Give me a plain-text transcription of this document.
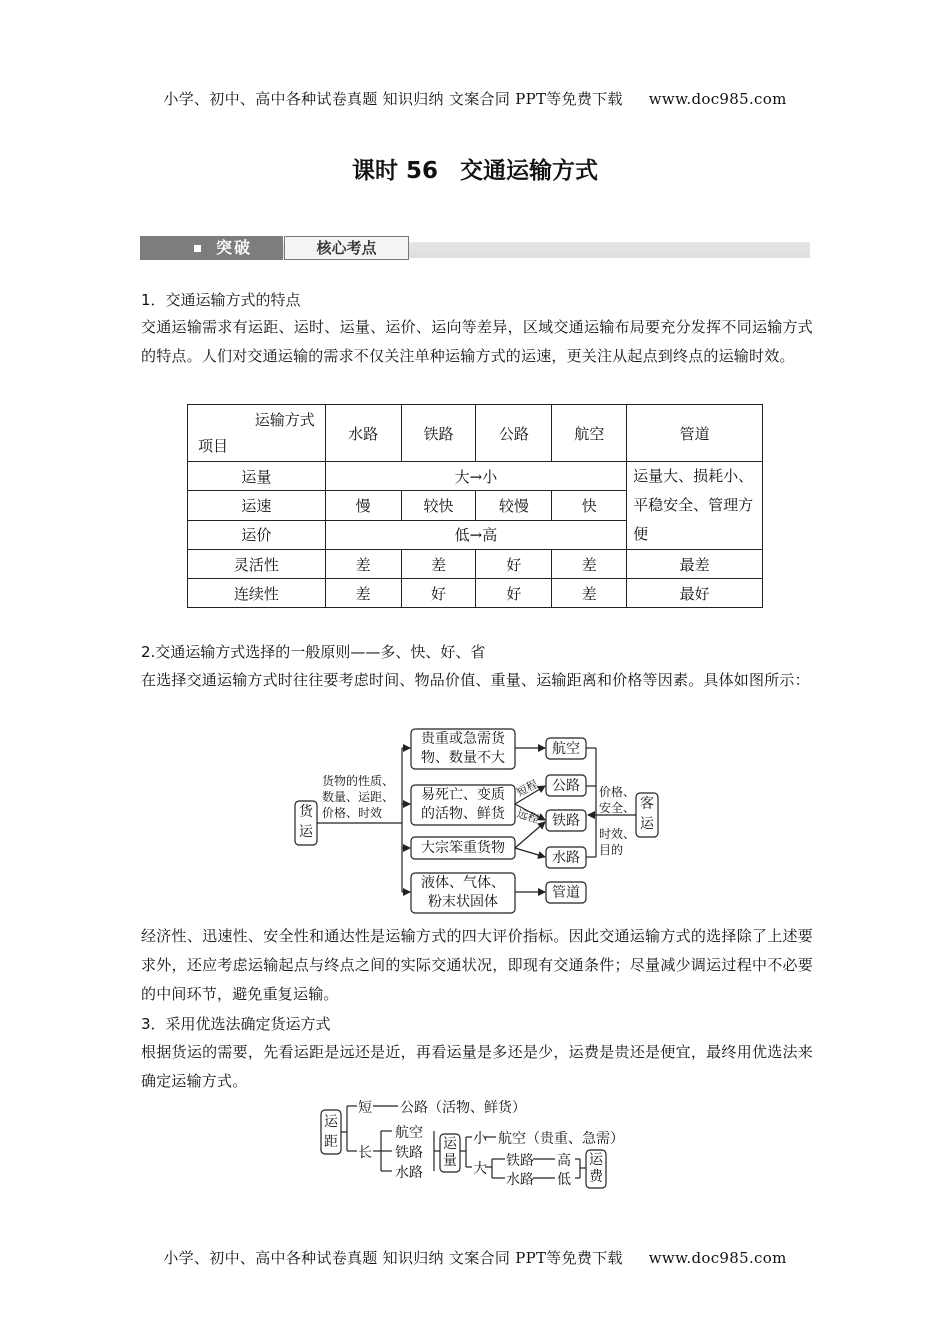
小学、初中、高中各种试卷真题 知识归纳 文案合同 PPT等免费下载 www.doc985.com
课时 56 交通运输方式
突破	核心考点
1．交通运输方式的特点
交通运输需求有运距、运时、运量、运价、运向等差异，区域交通运输布局要充分发挥不同运输方式的特点。人们对交通运输的需求不仅关注单种运输方式的运速，更关注从起点到终点的运输时效。
运输方式
项目	水路	铁路	公路	航空	管道
运量	大→小				运量大、损耗小、平稳安全、管理方便
运速	慢	较快	较慢	快	
运价	低→高				
灵活性	差	差	好	差	最差
连续性	差	好	好	差	最好
2.交通运输方式选择的一般原则——多、快、好、省
在选择交通运输方式时往往要考虑时间、物品价值、重量、运输距离和价格等因素。具体如图所示：
货运
货物的性质、
数量、运距、
价格、时效
贵重或急需货
物、数量不大
易死亡、变质
的活物、鲜货
大宗笨重货物
液体、气体、
粉末状固体
航空
公路
铁路
水路
管道
短程
远程
价格、
安全、
时效、
目的
客运
经济性、迅速性、安全性和通达性是运输方式的四大评价指标。因此交通运输方式的选择除了上述要求外，还应考虑运输起点与终点之间的实际交通状况，即现有交通条件；尽量减少调运过程中不必要的中间环节，避免重复运输。
3．采用优选法确定货运方式
根据货运的需要，先看运距是远还是近，再看运量是多还是少，运费是贵还是便宜，最终用优选法来确定运输方式。
运距
短 公路（活物、鲜货）
长
航空
铁路
水路
运量
小 航空（贵重、急需）
大 铁路 高
水路 低
运费
小学、初中、高中各种试卷真题 知识归纳 文案合同 PPT等免费下载 www.doc985.com
